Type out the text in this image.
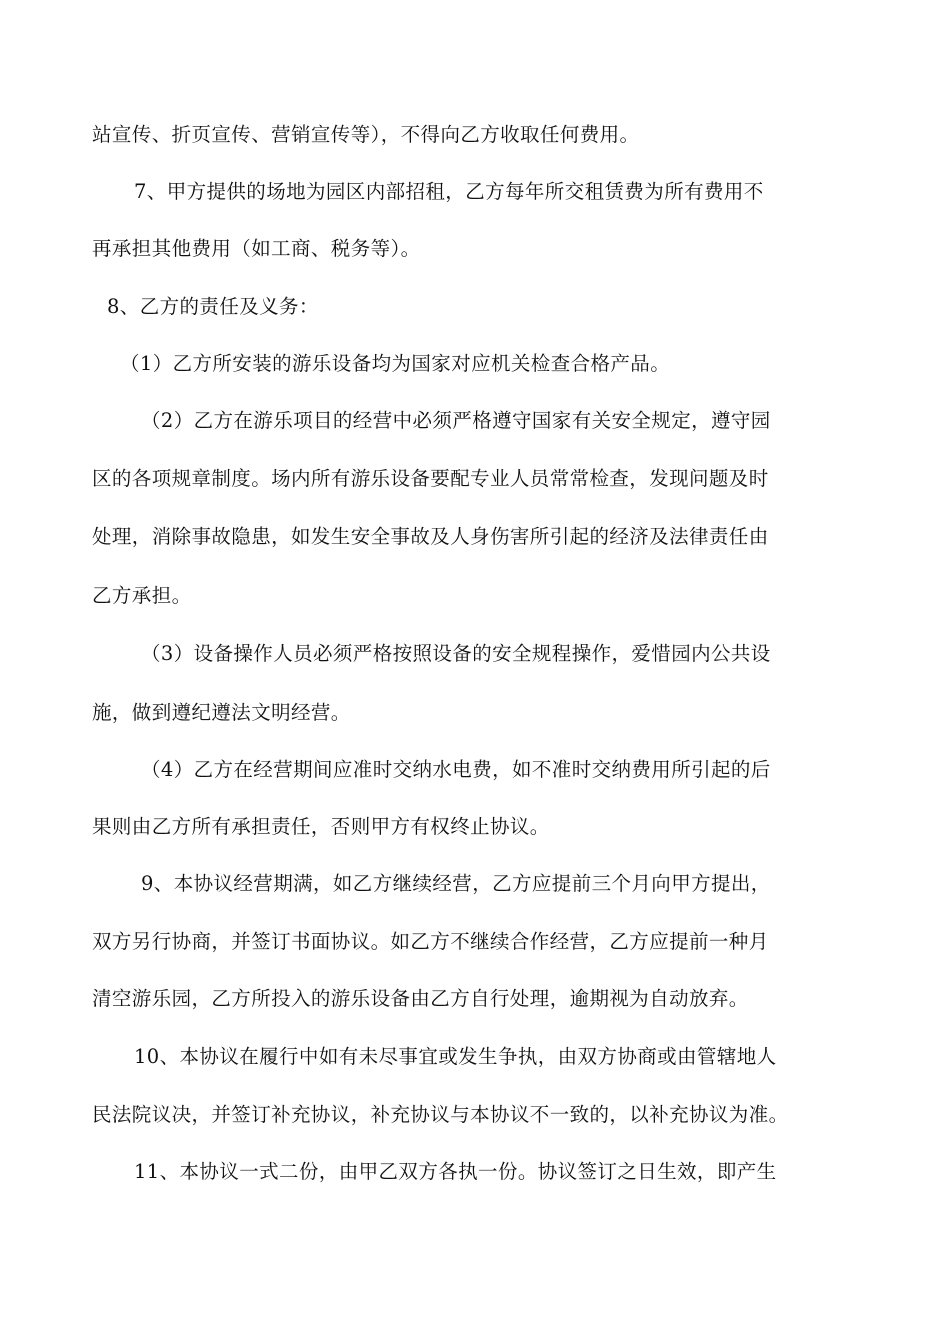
站宣传、折页宣传、营销宣传等），不得向乙方收取任何费用。
7、甲方提供的场地为园区内部招租，乙方每年所交租赁费为所有费用不
再承担其他费用（如工商、税务等）。
8、乙方的责任及义务：
（1）乙方所安装的游乐设备均为国家对应机关检查合格产品。
（2）乙方在游乐项目的经营中必须严格遵守国家有关安全规定，遵守园
区的各项规章制度。场内所有游乐设备要配专业人员常常检查，发现问题及时
处理，消除事故隐患，如发生安全事故及人身伤害所引起的经济及法律责任由
乙方承担。
（3）设备操作人员必须严格按照设备的安全规程操作，爱惜园内公共设
施，做到遵纪遵法文明经营。
（4）乙方在经营期间应准时交纳水电费，如不准时交纳费用所引起的后
果则由乙方所有承担责任，否则甲方有权终止协议。
9、本协议经营期满，如乙方继续经营，乙方应提前三个月向甲方提出，
双方另行协商，并签订书面协议。如乙方不继续合作经营，乙方应提前一种月
清空游乐园，乙方所投入的游乐设备由乙方自行处理，逾期视为自动放弃。
10、本协议在履行中如有未尽事宜或发生争执，由双方协商或由管辖地人
民法院议决，并签订补充协议，补充协议与本协议不一致的，以补充协议为准。
11、本协议一式二份，由甲乙双方各执一份。协议签订之日生效，即产生
